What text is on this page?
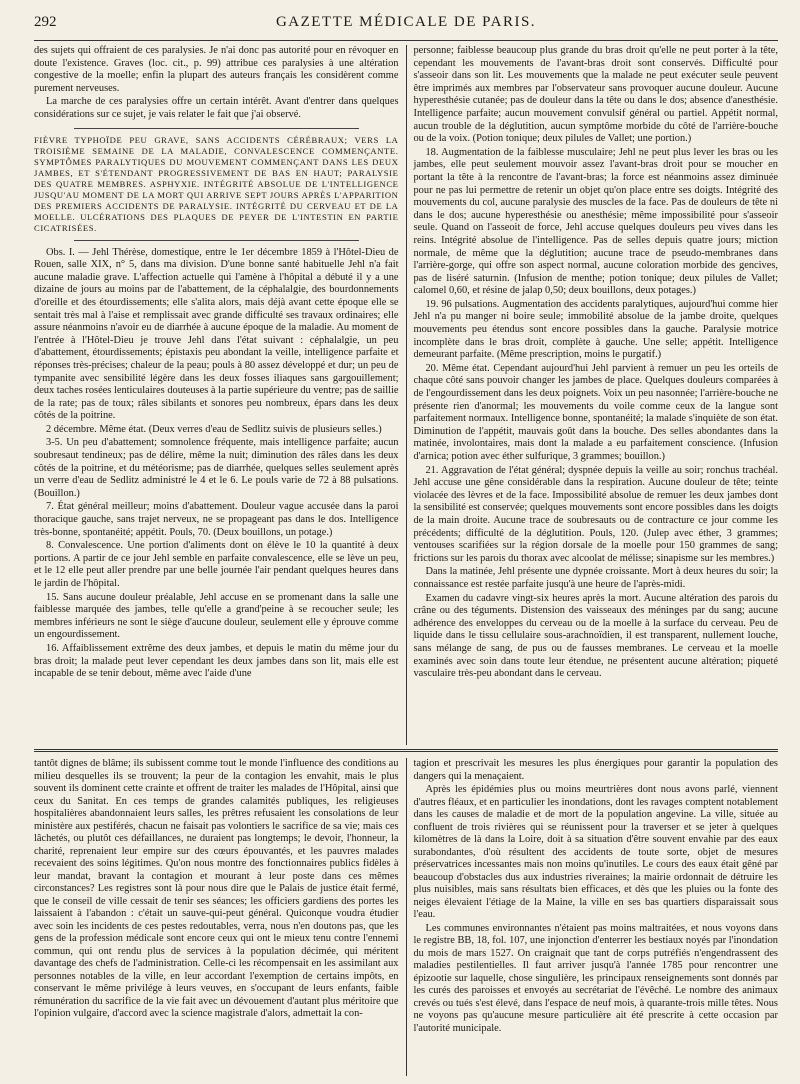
292	GAZETTE MÉDICALE DE PARIS.

des sujets qui offraient de ces paralysies. Je n'ai donc pas autorité pour en révoquer en doute l'existence. Graves (loc. cit., p. 99) attribue ces paralysies à une altération congestive de la moelle; enfin la plupart des auteurs français les considèrent comme purement nerveuses.

La marche de ces paralysies offre un certain intérêt. Avant d'entrer dans quelques considérations sur ce sujet, je vais relater le fait que j'ai observé.

FIÈVRE TYPHOÏDE PEU GRAVE, SANS ACCIDENTS CÉRÉBRAUX; VERS LA TROISIÈME SEMAINE DE LA MALADIE, CONVALESCENCE COMMENÇANTE. SYMPTÔMES PARALYTIQUES DU MOUVEMENT COMMENÇANT DANS LES DEUX JAMBES, ET S'ÉTENDANT PROGRESSIVEMENT DE BAS EN HAUT; PARALYSIE DES QUATRE MEMBRES. ASPHYXIE. INTÉGRITÉ ABSOLUE DE L'INTELLIGENCE JUSQU'AU MOMENT DE LA MORT QUI ARRIVE SEPT JOURS APRÈS L'APPARITION DES PREMIERS ACCIDENTS DE PARALYSIE. INTÉGRITÉ DU CERVEAU ET DE LA MOELLE. ULCÉRATIONS DES PLAQUES DE PEYER DE L'INTESTIN EN PARTIE CICATRISÉES.

Obs. I. — Jehl Thérèse, domestique, entre le 1er décembre 1859 à l'Hôtel-Dieu de Rouen, salle XIX, n° 5, dans ma division. D'une bonne santé habituelle Jehl n'a fait aucune maladie grave. L'affection actuelle qui l'amène à l'hôpital a débuté il y a une dizaine de jours au moins par de l'abattement, de la céphalalgie, des bourdonnements d'oreille et des étourdissements; elle s'alita alors, mais déjà avant cette époque elle se sentait très mal à l'aise et remplissait avec grande difficulté ses travaux ordinaires; elle assure néanmoins n'avoir eu de diarrhée à aucune époque de la maladie. Au moment de l'entrée à l'Hôtel-Dieu je trouve Jehl dans l'état suivant : céphalalgie, un peu d'abattement, étourdissements; épistaxis peu abondant la veille, intelligence parfaite et réponses très-précises; chaleur de la peau; pouls à 80 assez développé et dur; un peu de tympanite avec sensibilité légère dans les deux fosses iliaques sans gargouillement; deux taches rosées lenticulaires douteuses à la partie supérieure du ventre; pas de saillie de la rate; pas de toux; râles sibilants et sonores peu nombreux, épars dans les deux côtés de la poitrine.

2 décembre. Même état. (Deux verres d'eau de Sedlitz suivis de plusieurs selles.)

3-5. Un peu d'abattement; somnolence fréquente, mais intelligence parfaite; aucun soubresaut tendineux; pas de délire, même la nuit; diminution des râles dans les deux côtés de la poitrine, et du météorisme; pas de diarrhée, quelques selles seulement après un verre d'eau de Sedlitz administré le 4 et le 6. Le pouls varie de 72 à 88 pulsations. (Bouillon.)

7. État général meilleur; moins d'abattement. Douleur vague accusée dans la paroi thoracique gauche, sans trajet nerveux, ne se propageant pas dans le dos. Intelligence très-bonne, spontanéité; appétit. Pouls, 70. (Deux bouillons, un potage.)

8. Convalescence. Une portion d'aliments dont on élève le 10 la quantité à deux portions. A partir de ce jour Jehl semble en parfaite convalescence, elle se lève un peu, et le 12 elle peut aller prendre par une belle journée l'air pendant quelques heures dans le jardin de l'hôpital.

15. Sans aucune douleur préalable, Jehl accuse en se promenant dans la salle une faiblesse marquée des jambes, telle qu'elle a grand'peine à se recoucher seule; les membres inférieurs ne sont le siège d'aucune douleur, seulement elle y éprouve comme un engourdissement.

16. Affaiblissement extrême des deux jambes, et depuis le matin du même jour du bras droit; la malade peut lever cependant les deux jambes dans son lit, mais elle est incapable de se tenir debout, même avec l'aide d'une

personne; faiblesse beaucoup plus grande du bras droit qu'elle ne peut porter à la tête, cependant les mouvements de l'avant-bras droit sont conservés. Difficulté pour s'asseoir dans son lit. Les mouvements que la malade ne peut exécuter seule peuvent être imprimés aux membres par l'observateur sans provoquer aucune douleur. Aucune hyperesthésie cutanée; pas de douleur dans la tête ou dans le dos; absence d'anesthésie. Intelligence parfaite; aucun mouvement convulsif général ou partiel. Appétit normal, aucun trouble de la déglutition, aucun symptôme morbide du côté de l'arrière-bouche ou de la voix. (Potion tonique; deux pilules de Vallet; une portion.)

18. Augmentation de la faiblesse musculaire; Jehl ne peut plus lever les bras ou les jambes, elle peut seulement mouvoir assez l'avant-bras droit pour se moucher en portant la tête à la rencontre de l'avant-bras; la force est néanmoins assez diminuée pour ne pas lui permettre de retenir un objet qu'on place entre ses doigts. Intégrité des mouvements du col, aucune paralysie des muscles de la face. Pas de douleurs de tête ni dans le dos; aucune hyperesthésie ou anesthésie; même impossibilité pour s'asseoir seule. Quand on l'asseoit de force, Jehl accuse quelques douleurs peu vives dans les reins. Intégrité absolue de l'intelligence. Pas de selles depuis quatre jours; miction normale, de même que la déglutition; aucune trace de pseudo-membranes dans l'arrière-gorge, qui offre son aspect normal, aucune coloration morbide des gencives, pas de liséré saturnin. (Infusion de menthe; potion tonique; deux pilules de Vallet; calomel 0,60, et résine de jalap 0,50; deux bouillons, deux potages.)

19. 96 pulsations. Augmentation des accidents paralytiques, aujourd'hui comme hier Jehl n'a pu manger ni boire seule; immobilité absolue de la jambe droite, quelques mouvements peu étendus sont encore possibles dans la gauche. Paralysie motrice incomplète dans le bras droit, complète à gauche. Une selle; appétit. Intelligence demeurant parfaite. (Même prescription, moins le purgatif.)

20. Même état. Cependant aujourd'hui Jehl parvient à remuer un peu les orteils de chaque côté sans pouvoir changer les jambes de place. Quelques douleurs comparées à de l'engourdissement dans les deux poignets. Voix un peu nasonnée; l'arrière-bouche ne présente rien d'anormal; les mouvements du voile comme ceux de la langue sont parfaitement normaux. Intelligence bonne, spontanéité; la malade s'inquiète de son état. Diminution de l'appétit, mauvais goût dans la bouche. Des selles abondantes dans la matinée, involontaires, mais dont la malade a eu parfaitement conscience. (Infusion d'arnica; potion avec éther sulfurique, 3 grammes; bouillon.)

21. Aggravation de l'état général; dyspnée depuis la veille au soir; ronchus trachéal. Jehl accuse une gêne considérable dans la respiration. Aucune douleur de tête; teinte violacée des lèvres et de la face. Impossibilité absolue de remuer les deux jambes dont la sensibilité est conservée; quelques mouvements sont encore possibles dans les doigts de la main droite. Aucune trace de soubresauts ou de contracture ce jour comme les précédents; difficulté de la déglutition. Pouls, 120. (Julep avec éther, 3 grammes; ventouses scarifiées sur la région dorsale de la moelle pour 150 grammes de sang; frictions sur les parois du thorax avec alcoolat de mélisse; sinapisme sur les membres.)

Dans la matinée, Jehl présente une dypnée croissante. Mort à deux heures du soir; la connaissance est restée parfaite jusqu'à une heure de l'après-midi.

Examen du cadavre vingt-six heures après la mort. Aucune altération des parois du crâne ou des téguments. Distension des vaisseaux des méninges par du sang; aucune adhérence des enveloppes du cerveau ou de la moelle à la surface du cerveau. Peu de liquide dans le tissu cellulaire sous-arachnoïdien, il est transparent, nullement louche, sans mélange de sang, de pus ou de fausses membranes. Le cerveau et la moelle examinés avec soin dans toute leur étendue, ne présentent aucune altération; piqueté vasculaire très-peu abondant dans le cerveau.

tantôt dignes de blâme; ils subissent comme tout le monde l'influence des conditions au milieu desquelles ils se trouvent; la peur de la contagion les envahit, mais le plus souvent ils dominent cette crainte et offrent de traiter les malades de l'Hôpital, ainsi que ceux du Sanitat. En ces temps de grandes calamités publiques, les religieuses hospitalières abandonnaient leurs salles, les prêtres refusaient les consolations de leur ministère aux pestiférés, chacun ne faisait pas volontiers le sacrifice de sa vie; mais ces lâchetés, ou plutôt ces défaillances, ne duraient pas longtemps; le devoir, l'honneur, la charité, reprenaient leur empire sur des cœurs épouvantés, et les pauvres malades recevaient des soins légitimes. Qu'on nous montre des fonctionnaires publics fidèles à leur mandat, bravant la contagion et mourant à leur poste dans ces mêmes circonstances? Les registres sont là pour nous dire que le Palais de justice était fermé, que le conseil de ville cessait de tenir ses séances; les officiers gardiens des portes les laissaient à l'abandon : c'était un sauve-qui-peut général. Quiconque voudra étudier avec soin les incidents de ces pestes redoutables, verra, nous n'en doutons pas, que les gens de la profession médicale sont encore ceux qui ont le mieux tenu contre l'ennemi commun, qui ont rendu plus de services à la population décimée, qui méritent davantage des chefs de l'administration. Celle-ci les récompensait en les assimilant aux personnes notables de la ville, en leur accordant l'exemption de certains impôts, en conservant le même privilége à leurs veuves, en s'occupant de leurs enfants, faible rémunération du sacrifice de la vie fait avec un dévouement d'autant plus méritoire que l'opinion vulgaire, d'accord avec la science magistrale d'alors, admettait la con-

tagion et prescrivait les mesures les plus énergiques pour garantir la population des dangers qui la menaçaient.

Après les épidémies plus ou moins meurtrières dont nous avons parlé, viennent d'autres fléaux, et en particulier les inondations, dont les ravages comptent notablement dans les causes de maladie et de mort de la population angevine. La ville, située au confluent de trois rivières qui se réunissent pour la traverser et se jeter à quelques kilomètres de là dans la Loire, doit à sa situation d'être souvent envahie par des eaux surabondantes, d'où résultent des accidents de toute sorte, objet de mesures préservatrices incessantes mais non moins qu'inutiles. Le cours des eaux était gêné par beaucoup d'obstacles dus aux industries riveraines; la mairie ordonnait de détruire les plus nuisibles, mais sans résultats bien efficaces, et dès que les pluies ou la fonte des neiges élevaient l'étiage de la Maine, la ville en ses bas quartiers disparaissait sous l'eau.

Les communes environnantes n'étaient pas moins maltraitées, et nous voyons dans le registre BB, 18, fol. 107, une injonction d'enterrer les bestiaux noyés par l'inondation du mois de mars 1527. On craignait que tant de corps putréfiés n'engendrassent des maladies pestilentielles. Il faut arriver jusqu'à l'année 1785 pour rencontrer une épizootie sur laquelle, chose singulière, les principaux renseignements sont donnés par les curés des paroisses et envoyés au secrétariat de l'évêché. Le nombre des animaux crevés ou tués s'est élevé, dans l'espace de neuf mois, à quarante-trois mille têtes. Nous ne voyons pas qu'aucune mesure particulière ait été prescrite à cette occasion par l'autorité municipale.
